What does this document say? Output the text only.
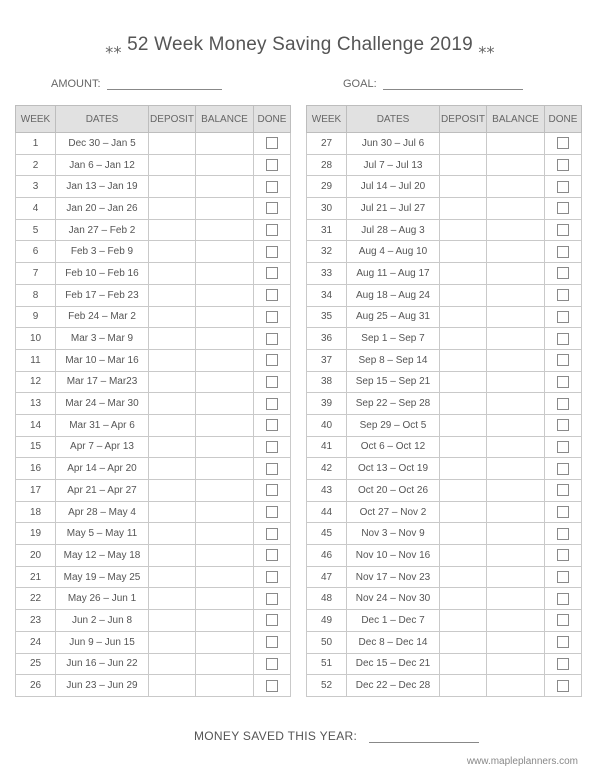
⁎⁎ 52 Week Money Saving Challenge 2019 ⁎⁎
AMOUNT:	GOAL:
WEEK	DATES	DEPOSIT	BALANCE	DONE
1	Dec 30 – Jan 5			
2	Jan 6 – Jan 12			
3	Jan 13 – Jan 19			
4	Jan 20 – Jan 26			
5	Jan 27 – Feb 2			
6	Feb 3 – Feb 9			
7	Feb 10 – Feb 16			
8	Feb 17 – Feb 23			
9	Feb 24 – Mar 2			
10	Mar 3 – Mar 9			
11	Mar 10 – Mar 16			
12	Mar 17 – Mar23			
13	Mar 24 – Mar 30			
14	Mar 31 – Apr 6			
15	Apr 7 – Apr 13			
16	Apr 14 – Apr 20			
17	Apr 21 – Apr 27			
18	Apr 28 – May 4			
19	May 5 – May 11			
20	May 12 – May 18			
21	May 19 – May 25			
22	May 26 – Jun 1			
23	Jun 2 – Jun 8			
24	Jun 9 – Jun 15			
25	Jun 16 – Jun 22			
26	Jun 23 – Jun 29			
WEEK	DATES	DEPOSIT	BALANCE	DONE
27	Jun 30 – Jul 6			
28	Jul 7 – Jul 13			
29	Jul 14 – Jul 20			
30	Jul 21 – Jul 27			
31	Jul 28 – Aug 3			
32	Aug 4 – Aug 10			
33	Aug 11 – Aug 17			
34	Aug 18 – Aug 24			
35	Aug 25 – Aug 31			
36	Sep 1 – Sep 7			
37	Sep 8 – Sep 14			
38	Sep 15 – Sep 21			
39	Sep 22 – Sep 28			
40	Sep 29 – Oct 5			
41	Oct 6 – Oct 12			
42	Oct 13 – Oct 19			
43	Oct 20 – Oct 26			
44	Oct 27 – Nov 2			
45	Nov 3 – Nov 9			
46	Nov 10 – Nov 16			
47	Nov 17 – Nov 23			
48	Nov 24 – Nov 30			
49	Dec 1 – Dec 7			
50	Dec 8 – Dec 14			
51	Dec 15 – Dec 21			
52	Dec 22 – Dec 28			
MONEY SAVED THIS YEAR:
www.mapleplanners.com
